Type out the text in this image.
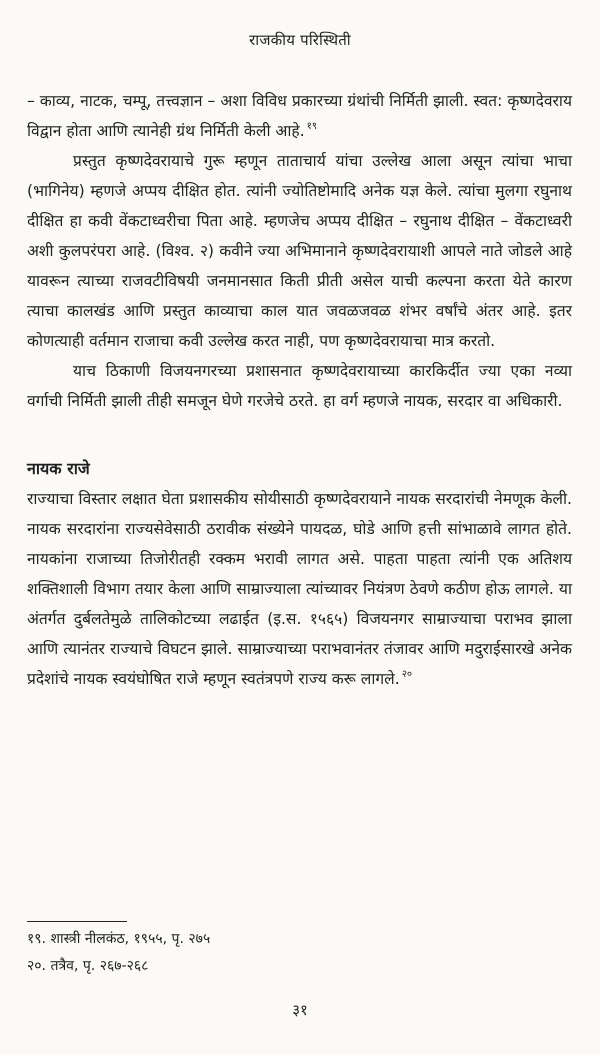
राजकीय परिस्थिती

– काव्य, नाटक, चम्पू, तत्त्वज्ञान – अशा विविध प्रकारच्या ग्रंथांची निर्मिती झाली. स्वत: कृष्णदेवराय विद्वान होता आणि त्यानेही ग्रंथ निर्मिती केली आहे. $^{१९}$

प्रस्तुत कृष्णदेवरायाचे गुरू म्हणून ताताचार्य यांचा उल्लेख आला असून त्यांचा भाचा (भागिनेय) म्हणजे अप्पय दीक्षित होत. त्यांनी ज्योतिष्टोमादि अनेक यज्ञ केले. त्यांचा मुलगा रघुनाथ दीक्षित हा कवी वेंकटाध्वरीचा पिता आहे. म्हणजेच अप्पय दीक्षित – रघुनाथ दीक्षित – वेंकटाध्वरी अशी कुलपरंपरा आहे. (विश्व. २) कवीने ज्या अभिमानाने कृष्णदेवरायाशी आपले नाते जोडले आहे यावरून त्याच्या राजवटीविषयी जनमानसात किती प्रीती असेल याची कल्पना करता येते कारण त्याचा कालखंड आणि प्रस्तुत काव्याचा काल यात जवळजवळ शंभर वर्षांचे अंतर आहे. इतर कोणत्याही वर्तमान राजाचा कवी उल्लेख करत नाही, पण कृष्णदेवरायाचा मात्र करतो.

याच ठिकाणी विजयनगरच्या प्रशासनात कृष्णदेवरायाच्या कारकिर्दीत ज्या एका नव्या वर्गाची निर्मिती झाली तीही समजून घेणे गरजेचे ठरते. हा वर्ग म्हणजे नायक, सरदार वा अधिकारी.

नायक राजे

राज्याचा विस्तार लक्षात घेता प्रशासकीय सोयीसाठी कृष्णदेवरायाने नायक सरदारांची नेमणूक केली. नायक सरदारांना राज्यसेवेसाठी ठरावीक संख्येने पायदळ, घोडे आणि हत्ती सांभाळावे लागत होते. नायकांना राजाच्या तिजोरीतही रक्कम भरावी लागत असे. पाहता पाहता त्यांनी एक अतिशय शक्तिशाली विभाग तयार केला आणि साम्राज्याला त्यांच्यावर नियंत्रण ठेवणे कठीण होऊ लागले. या अंतर्गत दुर्बलतेमुळे तालिकोटच्या लढाईत (इ.स. १५६५) विजयनगर साम्राज्याचा पराभव झाला आणि त्यानंतर राज्याचे विघटन झाले. साम्राज्याच्या पराभवानंतर तंजावर आणि मदुराईसारखे अनेक प्रदेशांचे नायक स्वयंघोषित राजे म्हणून स्वतंत्रपणे राज्य करू लागले. $^{२०}$

१९. शास्त्री नीलकंठ, १९५५, पृ. २७५
२०. तत्रैव, पृ. २६७-२६८
३१
